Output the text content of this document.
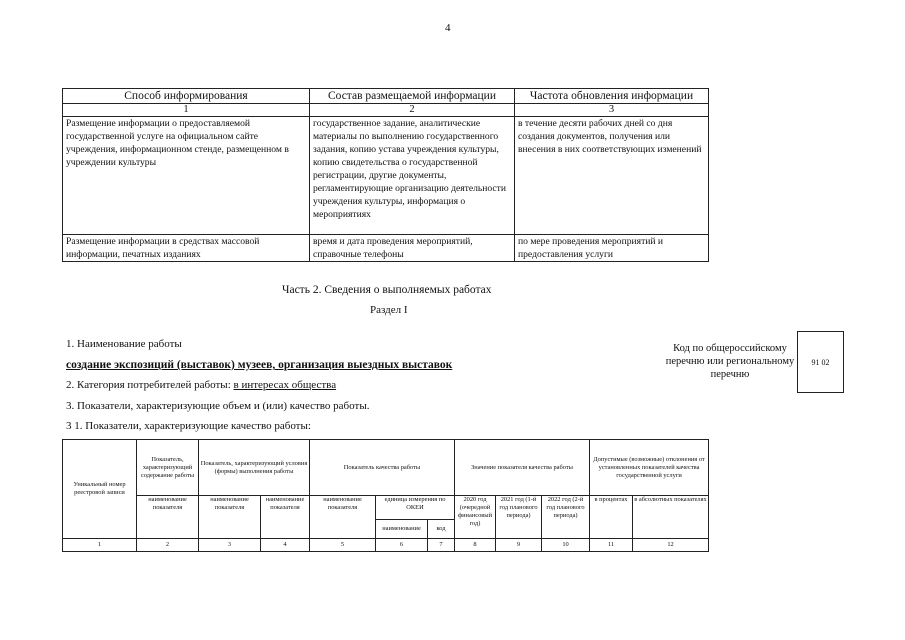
4
Способ информирования	Состав размещаемой информации	Частота обновления информации
1	2	3
Размещение информации о предоставляемой государственной услуге на официальном сайте учреждения, информационном стенде, размещенном в учреждении культуры	государственное задание, аналитические материалы по выполнению государственного задания, копию устава учреждения культуры, копию свидетельства о государственной регистрации, другие документы, регламентирующие организацию деятельности учреждения культуры, информация о мероприятиях	в течение десяти рабочих дней со дня создания документов, получения или внесения в них соответствующих изменений
Размещение информации в средствах массовой информации, печатных изданиях	время и дата проведения мероприятий, справочные телефоны	по мере проведения мероприятий и предоставления услуги
Часть 2. Сведения о выполняемых работах
Раздел I
1. Наименование работы
создание экспозиций (выставок) музеев, организация выездных выставок
2. Категория потребителей работы: в интересах общества
3. Показатели, характеризующие объем и (или) качество работы.
3 1. Показатели, характеризующие качество работы:
Код по общероссийскому перечню или региональному перечню
91 02
Уникальный номер реестровой записи	Показатель, характеризующий содержание работы	Показатель, характеризующий условия (формы) выполнения работы		Показатель качества работы			Значение показателя качества работы			Допустимые (возможные) отклонения от установленных показателей качества государственной услуги	
	наименование показателя	наименование показателя	наименование показателя	наименование показателя	единица измерения по ОКЕИ		2020 год (очередной финансовый год)	2021 год (1-й год планового периода)	2022 год (2-й год планового периода)	в процентах	в абсолютных показателях
					наименование	код					
1	2	3	4	5	6	7	8	9	10	11	12
